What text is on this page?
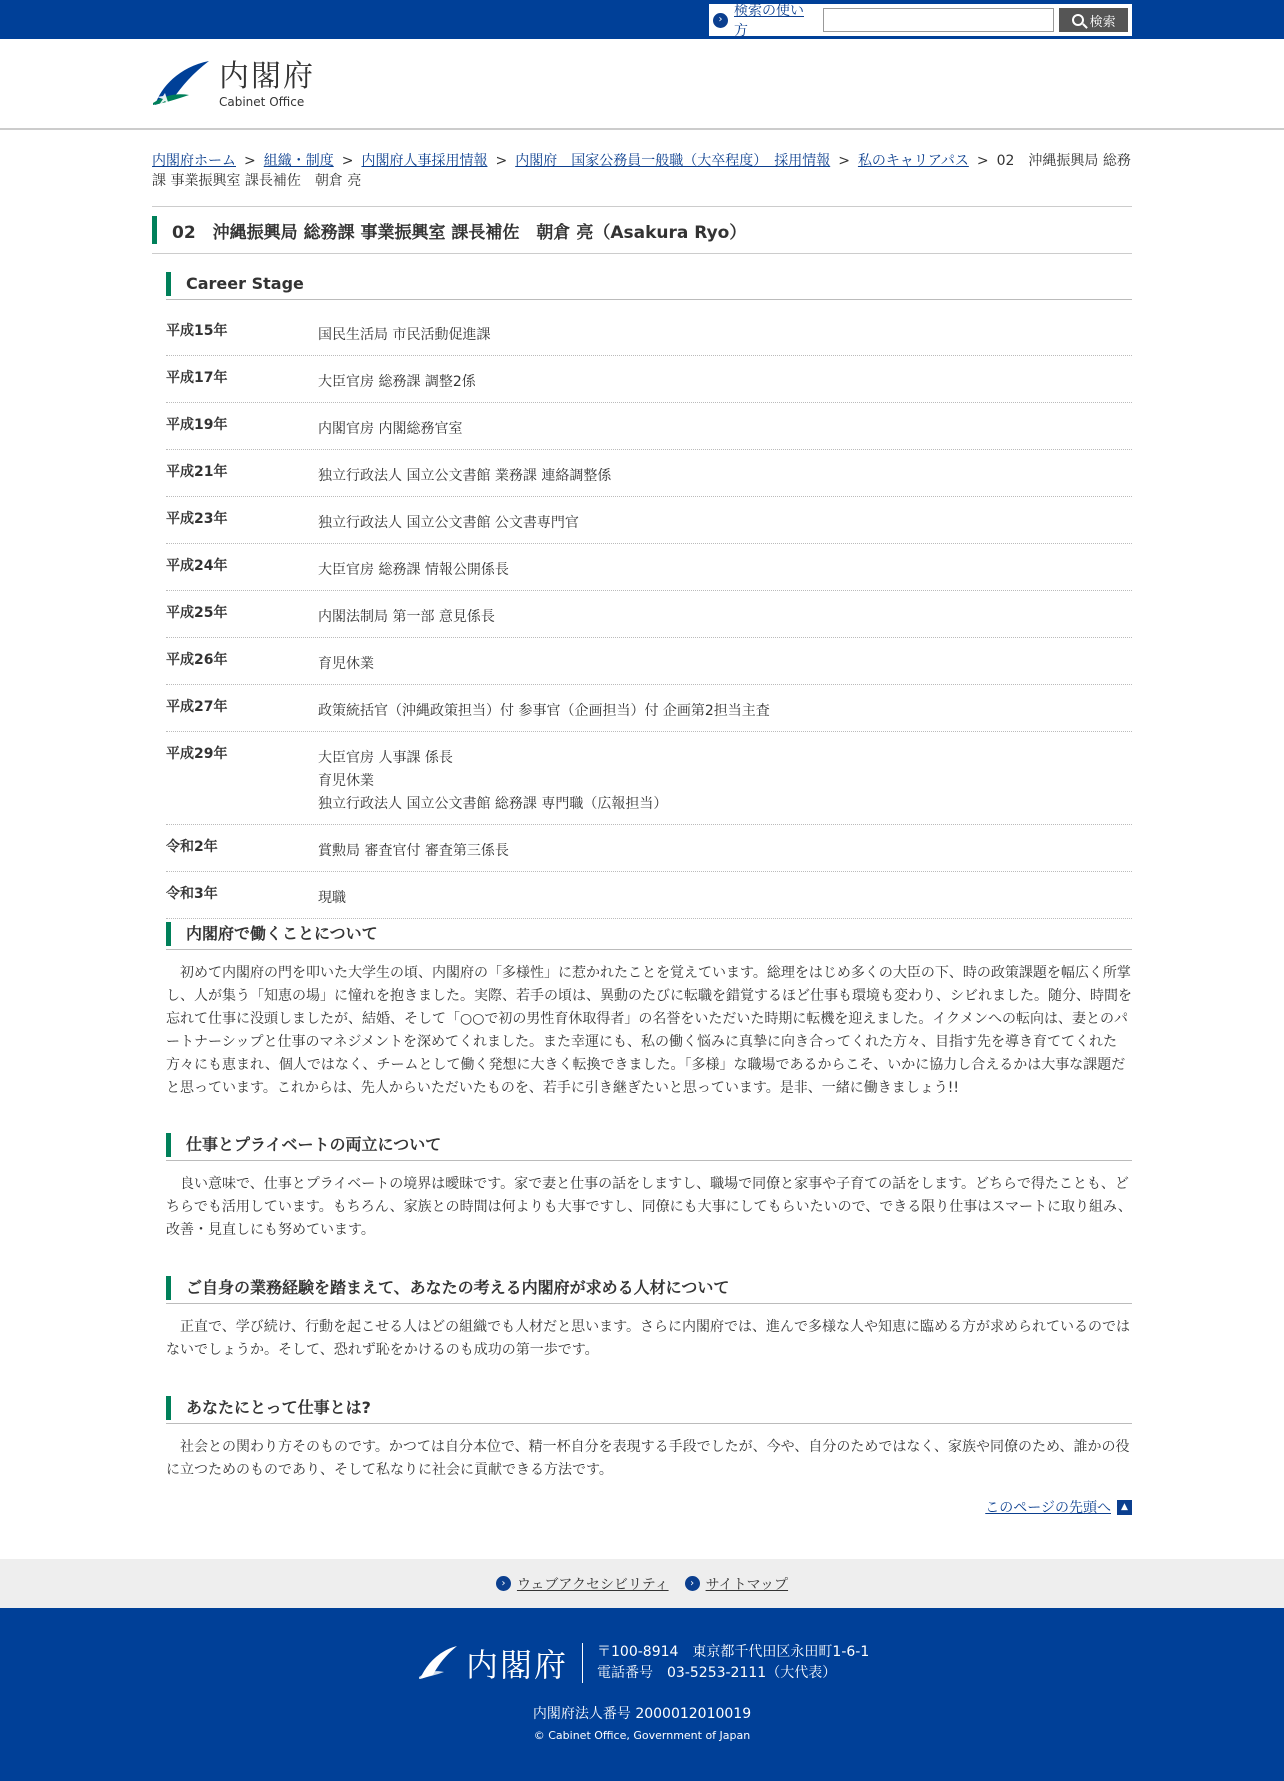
›
検索の使い方
検索
内閣府
Cabinet Office
内閣府ホーム > 組織・制度 > 内閣府人事採用情報 > 内閣府　国家公務員一般職（大卒程度）　採用情報 > 私のキャリアパス > 02　沖縄振興局 総務課 事業振興室 課長補佐　朝倉 亮
02　沖縄振興局 総務課 事業振興室 課長補佐　朝倉 亮（Asakura Ryo）
Career Stage
平成15年	国民生活局 市民活動促進課
平成17年	大臣官房 総務課 調整2係
平成19年	内閣官房 内閣総務官室
平成21年	独立行政法人 国立公文書館 業務課 連絡調整係
平成23年	独立行政法人 国立公文書館 公文書専門官
平成24年	大臣官房 総務課 情報公開係長
平成25年	内閣法制局 第一部 意見係長
平成26年	育児休業
平成27年	政策統括官（沖縄政策担当）付 参事官（企画担当）付 企画第2担当主査
平成29年	大臣官房 人事課 係長
育児休業
独立行政法人 国立公文書館 総務課 専門職（広報担当）
令和2年	賞勲局 審査官付 審査第三係長
令和3年	現職
内閣府で働くことについて

初めて内閣府の門を叩いた大学生の頃、内閣府の「多様性」に惹かれたことを覚えています。総理をはじめ多くの大臣の下、時の政策課題を幅広く所掌し、人が集う「知恵の場」に憧れを抱きました。実際、若手の頃は、異動のたびに転職を錯覚するほど仕事も環境も変わり、シビれました。随分、時間を忘れて仕事に没頭しましたが、結婚、そして「○○で初の男性育休取得者」の名誉をいただいた時期に転機を迎えました。イクメンへの転向は、妻とのパートナーシップと仕事のマネジメントを深めてくれました。また幸運にも、私の働く悩みに真摯に向き合ってくれた方々、目指す先を導き育ててくれた方々にも恵まれ、個人ではなく、チームとして働く発想に大きく転換できました。「多様」な職場であるからこそ、いかに協力し合えるかは大事な課題だと思っています。これからは、先人からいただいたものを、若手に引き継ぎたいと思っています。是非、一緒に働きましょう!!

仕事とプライベートの両立について

良い意味で、仕事とプライベートの境界は曖昧です。家で妻と仕事の話をしますし、職場で同僚と家事や子育ての話をします。どちらで得たことも、どちらでも活用しています。もちろん、家族との時間は何よりも大事ですし、同僚にも大事にしてもらいたいので、できる限り仕事はスマートに取り組み、改善・見直しにも努めています。

ご自身の業務経験を踏まえて、あなたの考える内閣府が求める人材について

正直で、学び続け、行動を起こせる人はどの組織でも人材だと思います。さらに内閣府では、進んで多様な人や知恵に臨める方が求められているのではないでしょうか。そして、恐れず恥をかけるのも成功の第一歩です。

あなたにとって仕事とは?

社会との関わり方そのものです。かつては自分本位で、精一杯自分を表現する手段でしたが、今や、自分のためではなく、家族や同僚のため、誰かの役に立つためのものであり、そして私なりに社会に貢献できる方法です。

このページの先頭へ	▲
› ウェブアクセシビリティ	› サイトマップ
内閣府 〒100-8914　東京都千代田区永田町1-6-1
電話番号　03-5253-2111（大代表）
内閣府法人番号 2000012010019
© Cabinet Office, Government of Japan
